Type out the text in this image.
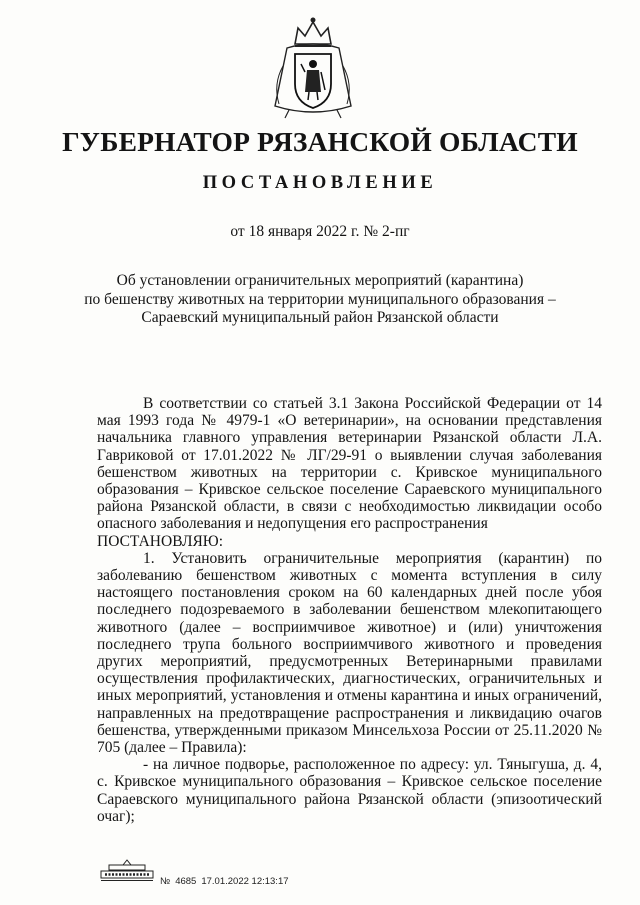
ГУБЕРНАТОР РЯЗАНСКОЙ ОБЛАСТИ
ПОСТАНОВЛЕНИЕ
от 18 января 2022 г. № 2-пг
Об установлении ограничительных мероприятий (карантина)
по бешенству животных на территории муниципального образования –
Сараевский муниципальный район Рязанской области

В соответствии со статьей 3.1 Закона Российской Федерации от 14 мая 1993 года № 4979-1 «О ветеринарии», на основании представления начальника главного управления ветеринарии Рязанской области Л.А. Гавриковой от 17.01.2022 № ЛГ/29-91 о выявлении случая заболевания бешенством животных на территории с. Кривское муниципального образования – Кривское сельское поселение Сараевского муниципального района Рязанской области, в связи с необходимостью ликвидации особо опасного заболевания и недопущения его распространения

ПОСТАНОВЛЯЮ:

1. Установить ограничительные мероприятия (карантин) по заболеванию бешенством животных с момента вступления в силу настоящего постановления сроком на 60 календарных дней после убоя последнего подозреваемого в заболевании бешенством млекопитающего животного (далее – восприимчивое животное) и (или) уничтожения последнего трупа больного восприимчивого животного и проведения других мероприятий, предусмотренных Ветеринарными правилами осуществления профилактических, диагностических, ограничительных и иных мероприятий, установления и отмены карантина и иных ограничений, направленных на предотвращение распространения и ликвидацию очагов бешенства, утвержденными приказом Минсельхоза России от 25.11.2020 № 705 (далее – Правила):

- на личное подворье, расположенное по адресу: ул. Тяныгуша, д. 4, с. Кривское муниципального образования – Кривское сельское поселение Сараевского муниципального района Рязанской области (эпизоотический очаг);

№ 4685 17.01.2022 12:13:17
